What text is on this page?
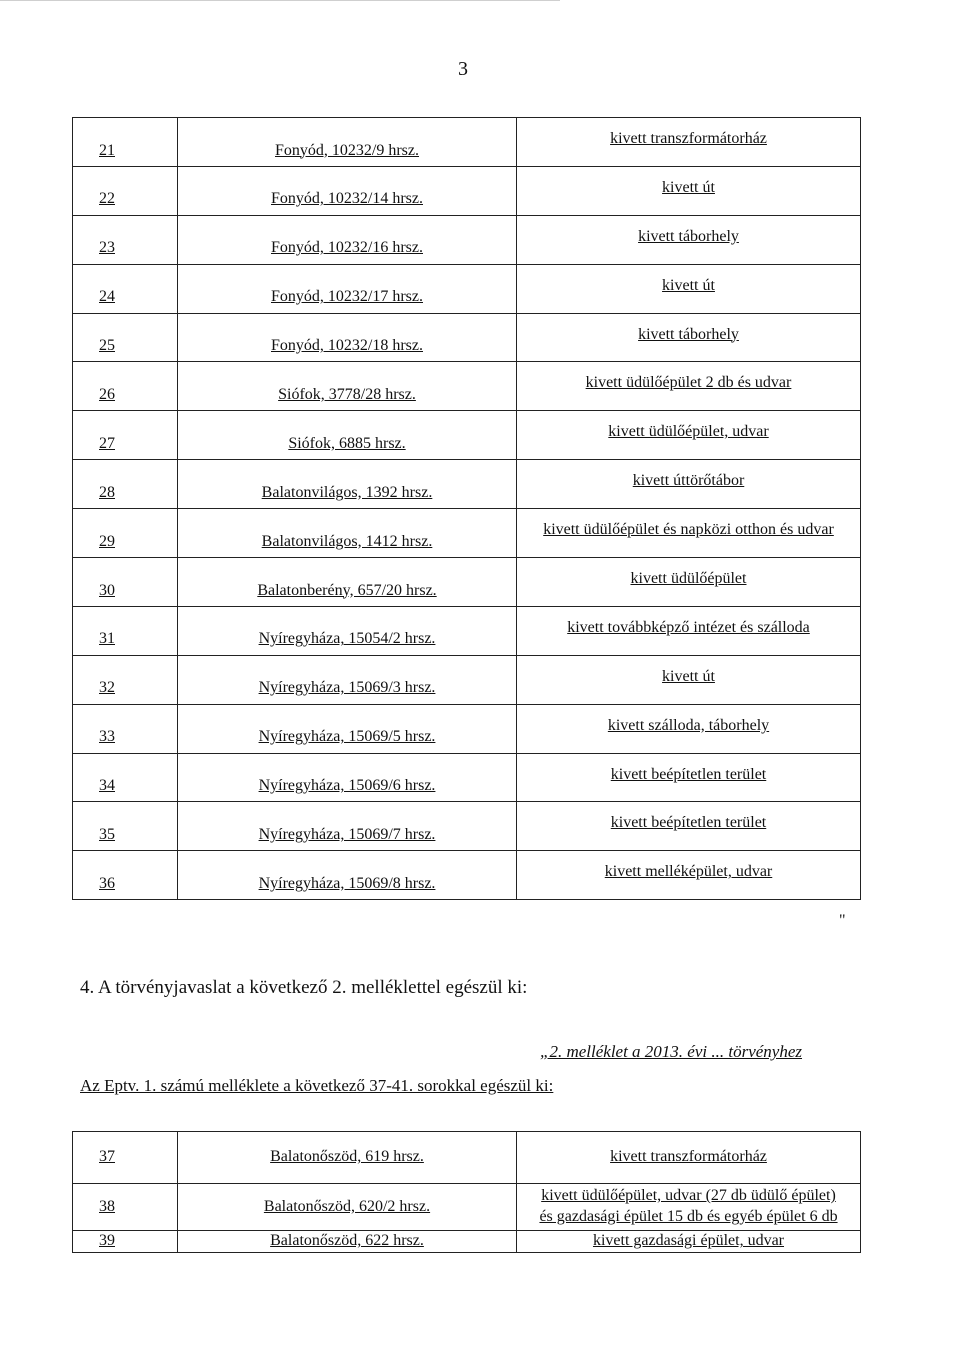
3
21	Fonyód, 10232/9 hrsz.	kivett transzformátorház
22	Fonyód, 10232/14 hrsz.	kivett út
23	Fonyód, 10232/16 hrsz.	kivett táborhely
24	Fonyód, 10232/17 hrsz.	kivett út
25	Fonyód, 10232/18 hrsz.	kivett táborhely
26	Siófok, 3778/28 hrsz.	kivett üdülőépület 2 db és udvar
27	Siófok, 6885 hrsz.	kivett üdülőépület, udvar
28	Balatonvilágos, 1392 hrsz.	kivett úttörőtábor
29	Balatonvilágos, 1412 hrsz.	kivett üdülőépület és napközi otthon és udvar
30	Balatonberény, 657/20 hrsz.	kivett üdülőépület
31	Nyíregyháza, 15054/2 hrsz.	kivett továbbképző intézet és szálloda
32	Nyíregyháza, 15069/3 hrsz.	kivett út
33	Nyíregyháza, 15069/5 hrsz.	kivett szálloda, táborhely
34	Nyíregyháza, 15069/6 hrsz.	kivett beépítetlen terület
35	Nyíregyháza, 15069/7 hrsz.	kivett beépítetlen terület
36	Nyíregyháza, 15069/8 hrsz.	kivett melléképület, udvar
"
4. A törvényjavaslat a következő 2. melléklettel egészül ki:
„2. melléklet a 2013. évi ... törvényhez
Az Eptv. 1. számú melléklete a következő 37-41. sorokkal egészül ki:
37	Balatonőszöd, 619 hrsz.	kivett transzformátorház
38	Balatonőszöd, 620/2 hrsz.	kivett üdülőépület, udvar (27 db üdülő épület)
és gazdasági épület 15 db és egyéb épület 6 db
39	Balatonőszöd, 622 hrsz.	kivett gazdasági épület, udvar
